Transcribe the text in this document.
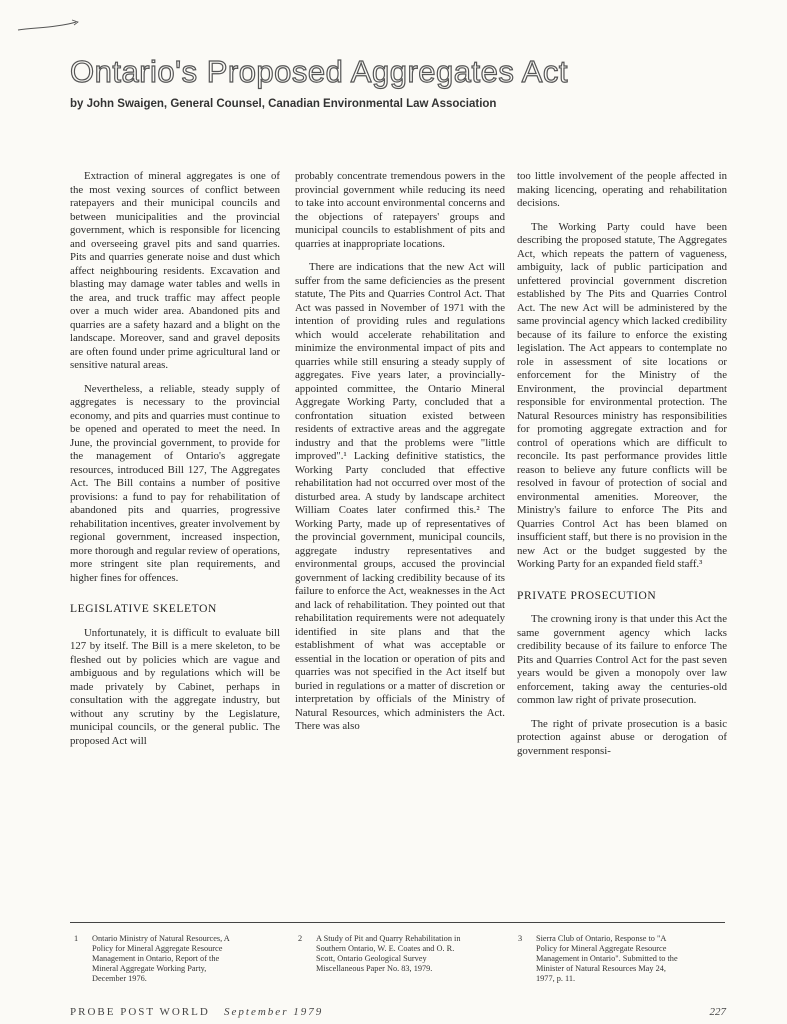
Ontario's Proposed Aggregates Act

by John Swaigen, General Counsel, Canadian Environmental Law Association

Extraction of mineral aggregates is one of the most vexing sources of conflict between ratepayers and their municipal councils and between municipalities and the provincial government, which is responsible for licencing and overseeing gravel pits and sand quarries. Pits and quarries generate noise and dust which affect neighbouring residents. Excavation and blasting may damage water tables and wells in the area, and truck traffic may affect people over a much wider area. Abandoned pits and quarries are a safety hazard and a blight on the landscape. Moreover, sand and gravel deposits are often found under prime agricultural land or sensitive natural areas.

Nevertheless, a reliable, steady supply of aggregates is necessary to the provincial economy, and pits and quarries must continue to be opened and operated to meet the need. In June, the provincial government, to provide for the management of Ontario's aggregate resources, introduced Bill 127, The Aggregates Act. The Bill contains a number of positive provisions: a fund to pay for rehabilitation of abandoned pits and quarries, progressive rehabilitation incentives, greater involvement by regional government, increased inspection, more thorough and regular review of operations, more stringent site plan requirements, and higher fines for offences.

LEGISLATIVE SKELETON

Unfortunately, it is difficult to evaluate bill 127 by itself. The Bill is a mere skeleton, to be fleshed out by policies which are vague and ambiguous and by regulations which will be made privately by Cabinet, perhaps in consultation with the aggregate industry, but without any scrutiny by the Legislature, municipal councils, or the general public. The proposed Act will

probably concentrate tremendous powers in the provincial government while reducing its need to take into account environmental concerns and the objections of ratepayers' groups and municipal councils to establishment of pits and quarries at inappropriate locations.

There are indications that the new Act will suffer from the same deficiencies as the present statute, The Pits and Quarries Control Act. That Act was passed in November of 1971 with the intention of providing rules and regulations which would accelerate rehabilitation and minimize the environmental impact of pits and quarries while still ensuring a steady supply of aggregates. Five years later, a provincially-appointed committee, the Ontario Mineral Aggregate Working Party, concluded that a confrontation situation existed between residents of extractive areas and the aggregate industry and that the problems were "little improved".¹ Lacking definitive statistics, the Working Party concluded that effective rehabilitation had not occurred over most of the disturbed area. A study by landscape architect William Coates later confirmed this.² The Working Party, made up of representatives of the provincial government, municipal councils, aggregate industry representatives and environmental groups, accused the provincial government of lacking credibility because of its failure to enforce the Act, weaknesses in the Act and lack of rehabilitation. They pointed out that rehabilitation requirements were not adequately identified in site plans and that the establishment of what was acceptable or essential in the location or operation of pits and quarries was not specified in the Act itself but buried in regulations or a matter of discretion or interpretation by officials of the Ministry of Natural Resources, which administers the Act. There was also

too little involvement of the people affected in making licencing, operating and rehabilitation decisions.

The Working Party could have been describing the proposed statute, The Aggregates Act, which repeats the pattern of vagueness, ambiguity, lack of public participation and unfettered provincial government discretion established by The Pits and Quarries Control Act. The new Act will be administered by the same provincial agency which lacked credibility because of its failure to enforce the existing legislation. The Act appears to contemplate no role in assessment of site locations or enforcement for the Ministry of the Environment, the provincial department responsible for environmental protection. The Natural Resources ministry has responsibilities for promoting aggregate extraction and for control of operations which are difficult to reconcile. Its past performance provides little reason to believe any future conflicts will be resolved in favour of protection of social and environmental amenities. Moreover, the Ministry's failure to enforce The Pits and Quarries Control Act has been blamed on insufficient staff, but there is no provision in the new Act or the budget suggested by the Working Party for an expanded field staff.³

PRIVATE PROSECUTION

The crowning irony is that under this Act the same government agency which lacks credibility because of its failure to enforce The Pits and Quarries Control Act for the past seven years would be given a monopoly over law enforcement, taking away the centuries-old common law right of private prosecution.

The right of private prosecution is a basic protection against abuse or derogation of government responsi-

1	Ontario Ministry of Natural Resources, A Policy for Mineral Aggregate Resource Management in Ontario, Report of the Mineral Aggregate Working Party, December 1976.
2	A Study of Pit and Quarry Rehabilitation in Southern Ontario, W. E. Coates and O. R. Scott, Ontario Geological Survey Miscellaneous Paper No. 83, 1979.
3	Sierra Club of Ontario, Response to "A Policy for Mineral Aggregate Resource Management in Ontario". Submitted to the Minister of Natural Resources May 24, 1977, p. 11.
PROBE POST WORLD September 1979	227
